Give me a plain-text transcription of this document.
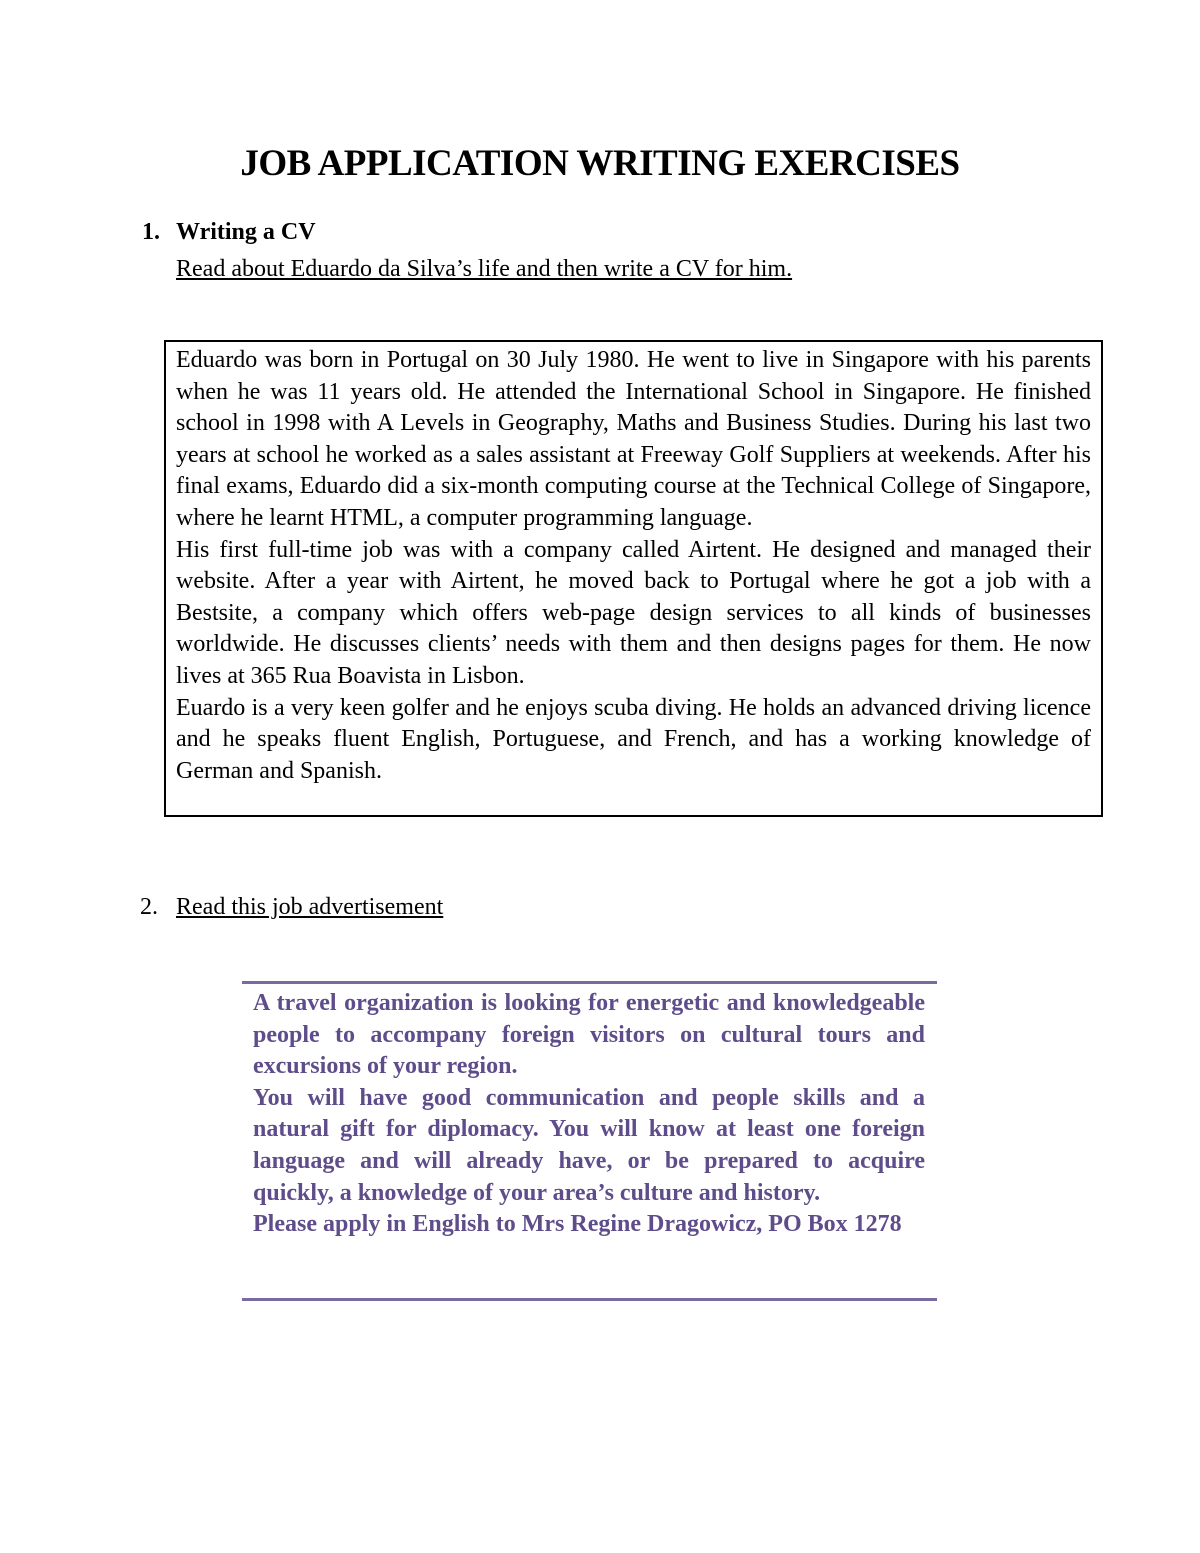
JOB APPLICATION WRITING EXERCISES
1. Writing a CV
Read about Eduardo da Silva’s life and then write a CV for him.

Eduardo was born in Portugal on 30 July 1980. He went to live in Singapore with his parents when he was 11 years old. He attended the International School in Singapore. He finished school in 1998 with A Levels in Geography, Maths and Business Studies. During his last two years at school he worked as a sales assistant at Freeway Golf Suppliers at weekends. After his final exams, Eduardo did a six-month computing course at the Technical College of Singapore, where he learnt HTML, a computer programming language.

His first full-time job was with a company called Airtent. He designed and managed their website. After a year with Airtent, he moved back to Portugal where he got a job with a Bestsite, a company which offers web-page design services to all kinds of businesses worldwide. He discusses clients’ needs with them and then designs pages for them. He now lives at 365 Rua Boavista in Lisbon.

Euardo is a very keen golfer and he enjoys scuba diving. He holds an advanced driving licence and he speaks fluent English, Portuguese, and French, and has a working knowledge of German and Spanish.

2. Read this job advertisement

A travel organization is looking for energetic and knowledgeable people to accompany foreign visitors on cultural tours and excursions of your region.

You will have good communication and people skills and a natural gift for diplomacy. You will know at least one foreign language and will already have, or be prepared to acquire quickly, a knowledge of your area’s culture and history.

Please apply in English to Mrs Regine Dragowicz, PO Box 1278
